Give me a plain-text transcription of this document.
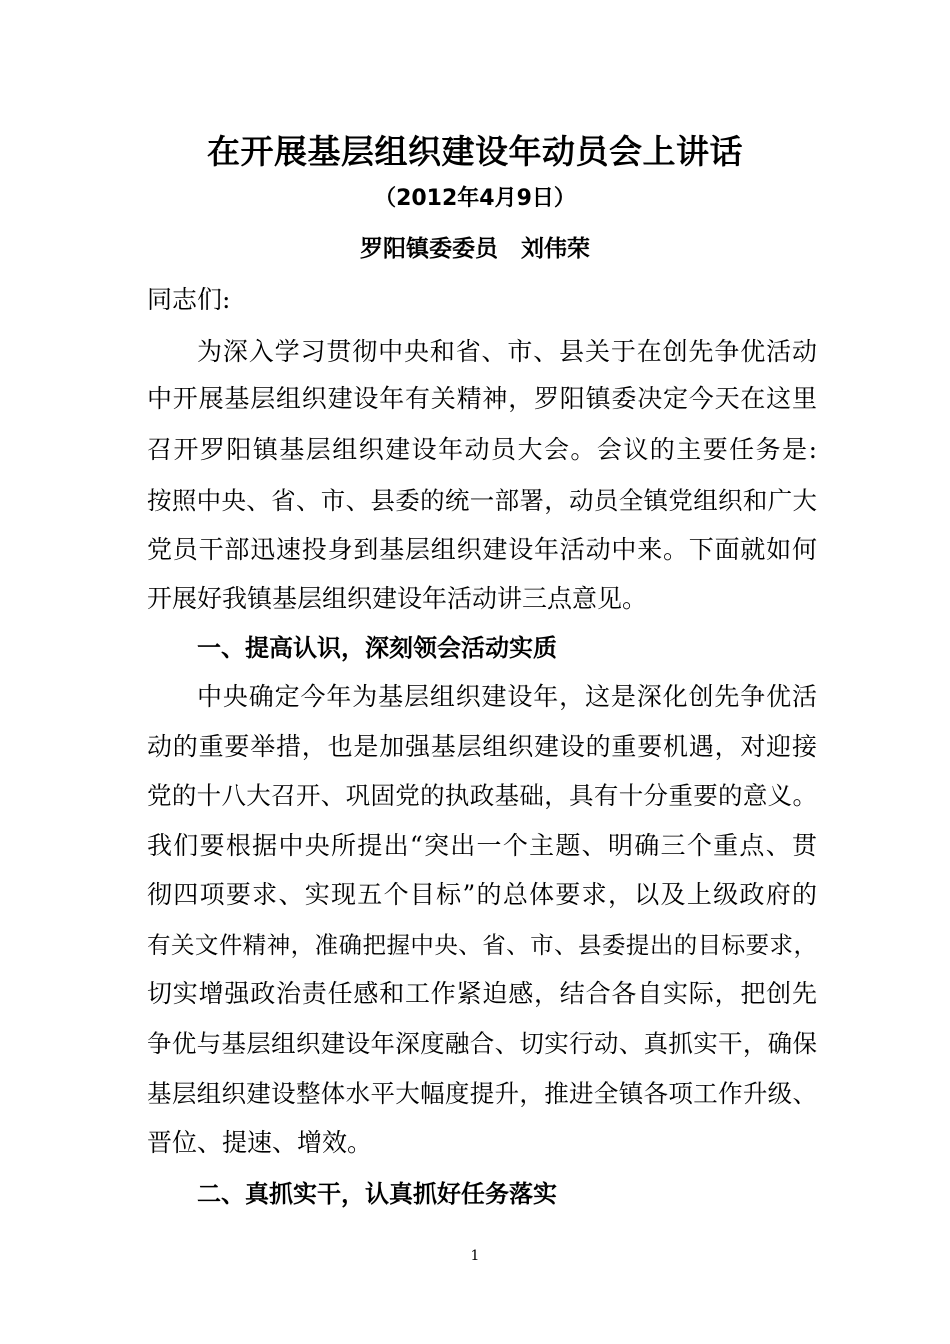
在开展基层组织建设年动员会上讲话
（2012年4月9日）
罗阳镇委委员　刘伟荣
同志们:
为深入学习贯彻中央和省、市、县关于在创先争优活动
中开展基层组织建设年有关精神，罗阳镇委决定今天在这里
召开罗阳镇基层组织建设年动员大会。会议的主要任务是:
按照中央、省、市、县委的统一部署，动员全镇党组织和广大
党员干部迅速投身到基层组织建设年活动中来。下面就如何
开展好我镇基层组织建设年活动讲三点意见。
一、提高认识，深刻领会活动实质
中央确定今年为基层组织建设年，这是深化创先争优活
动的重要举措，也是加强基层组织建设的重要机遇，对迎接
党的十八大召开、巩固党的执政基础，具有十分重要的意义。
我们要根据中央所提出“突出一个主题、明确三个重点、贯
彻四项要求、实现五个目标”的总体要求，以及上级政府的
有关文件精神，准确把握中央、省、市、县委提出的目标要求，
切实增强政治责任感和工作紧迫感，结合各自实际，把创先
争优与基层组织建设年深度融合、切实行动、真抓实干，确保
基层组织建设整体水平大幅度提升，推进全镇各项工作升级、
晋位、提速、增效。
二、真抓实干，认真抓好任务落实
1
